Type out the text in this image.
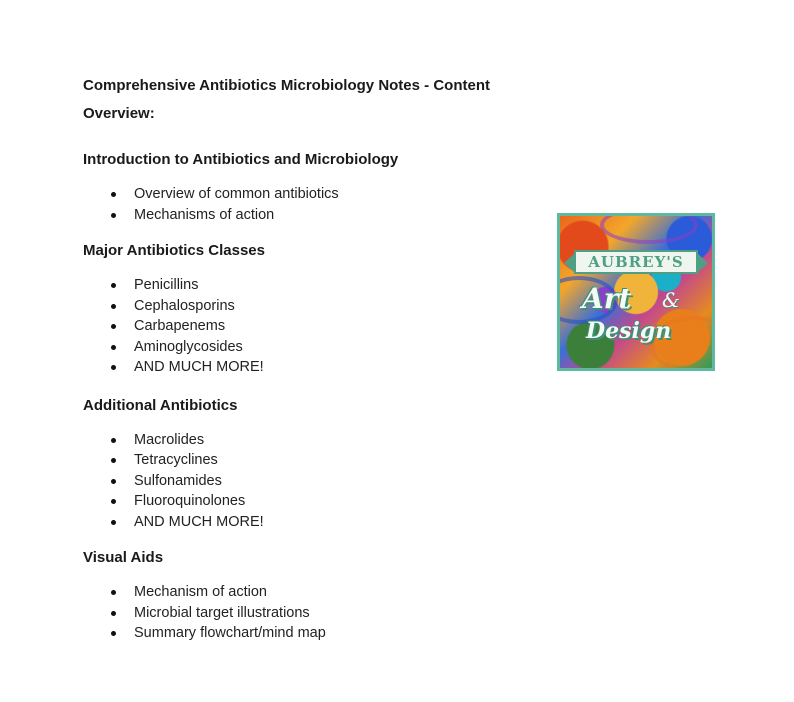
Comprehensive Antibiotics Microbiology Notes - Content Overview:
Introduction to Antibiotics and Microbiology
Overview of common antibiotics
Mechanisms of action
Major Antibiotics Classes
Penicillins
Cephalosporins
Carbapenems
Aminoglycosides
AND MUCH MORE!
Additional Antibiotics
Macrolides
Tetracyclines
Sulfonamides
Fluoroquinolones
AND MUCH MORE!
Visual Aids
Mechanism of action
Microbial target illustrations
Summary flowchart/mind map
AUBREY'S
Art &
Design
